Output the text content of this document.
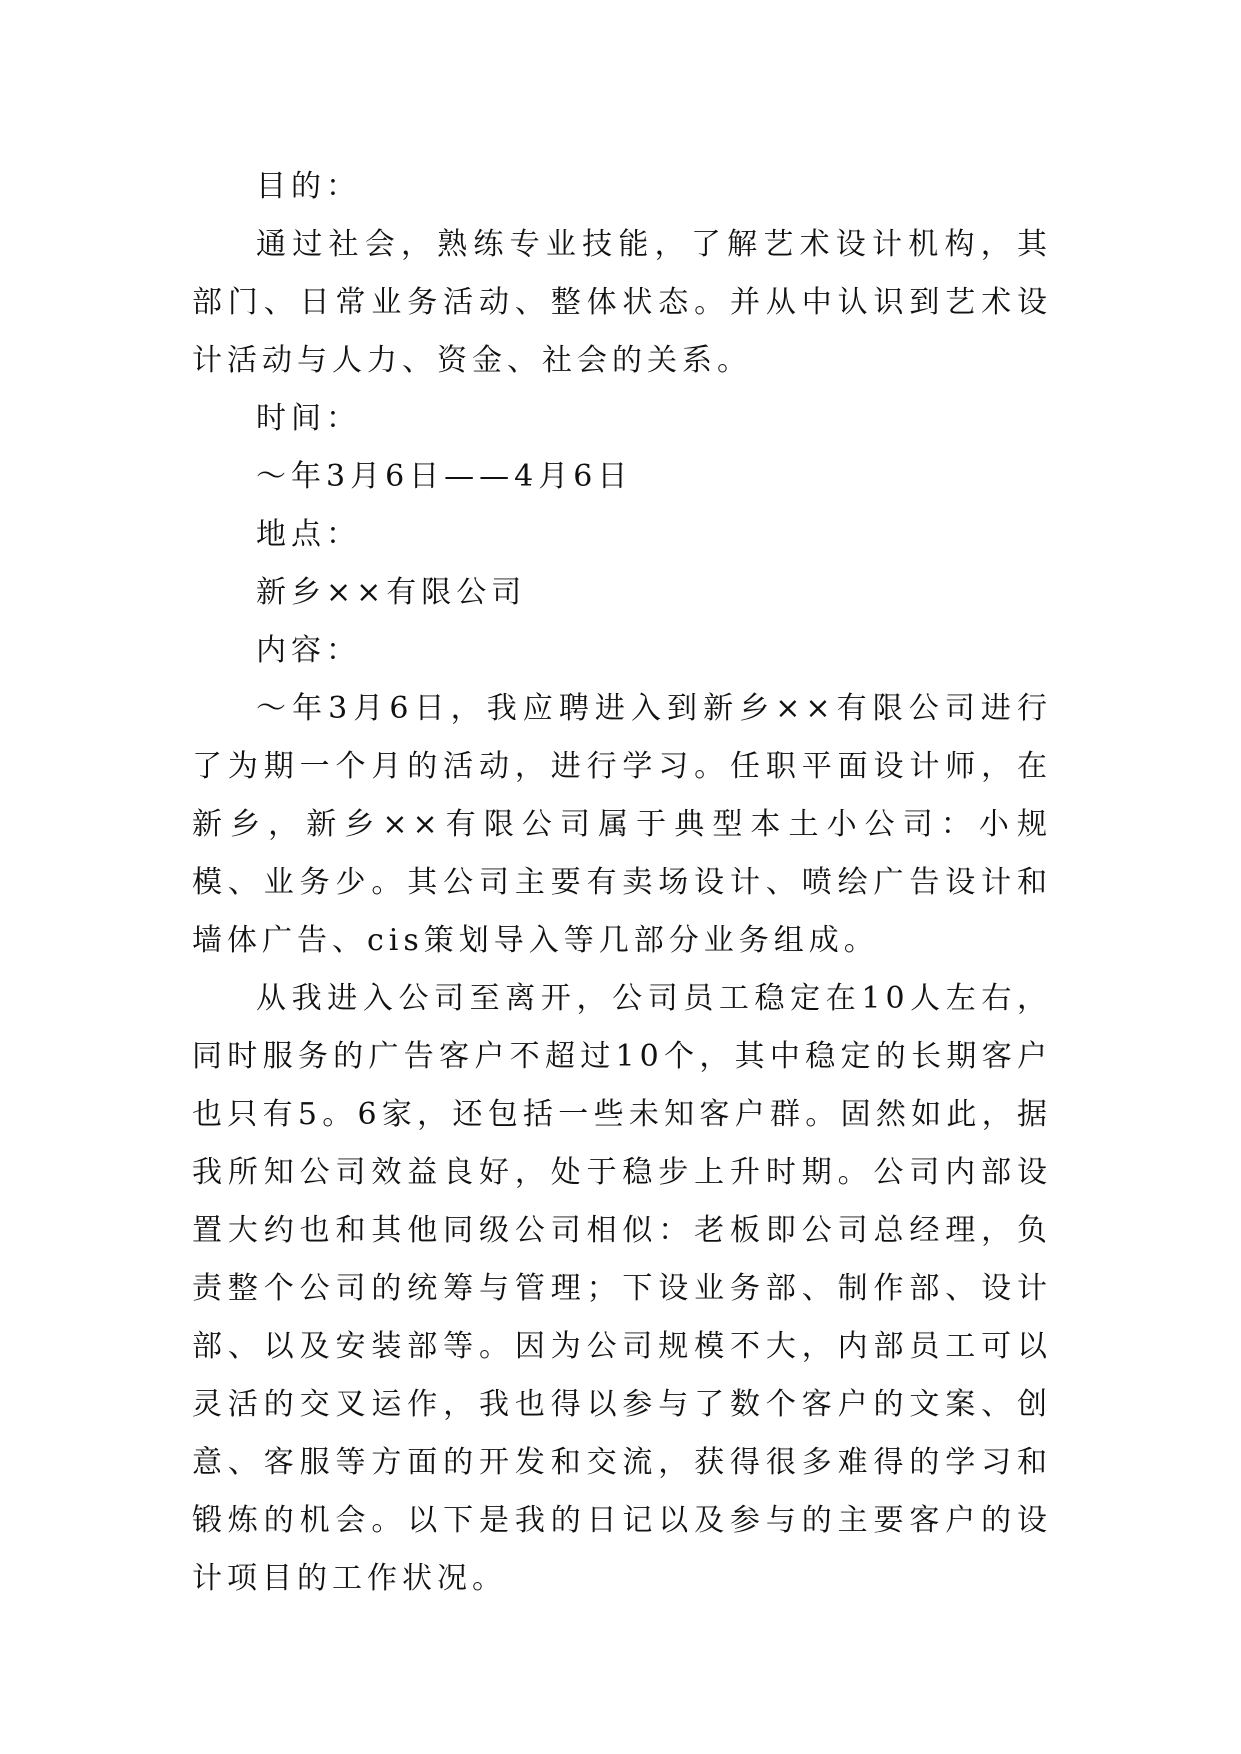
目的：

通过社会，熟练专业技能，了解艺术设计机构，其部门、日常业务活动、整体状态。并从中认识到艺术设计活动与人力、资金、社会的关系。

时间：

～年3月6日——4月6日

地点：

新乡××有限公司

内容：

～年3月6日，我应聘进入到新乡××有限公司进行了为期一个月的活动，进行学习。任职平面设计师，在新乡，新乡××有限公司属于典型本土小公司：小规模、业务少。其公司主要有卖场设计、喷绘广告设计和墙体广告、cis策划导入等几部分业务组成。

从我进入公司至离开，公司员工稳定在10人左右，同时服务的广告客户不超过10个，其中稳定的长期客户也只有5。6家，还包括一些未知客户群。固然如此，据我所知公司效益良好，处于稳步上升时期。公司内部设置大约也和其他同级公司相似：老板即公司总经理，负责整个公司的统筹与管理；下设业务部、制作部、设计部、以及安装部等。因为公司规模不大，内部员工可以灵活的交叉运作，我也得以参与了数个客户的文案、创意、客服等方面的开发和交流，获得很多难得的学习和锻炼的机会。以下是我的日记以及参与的主要客户的设计项目的工作状况。
